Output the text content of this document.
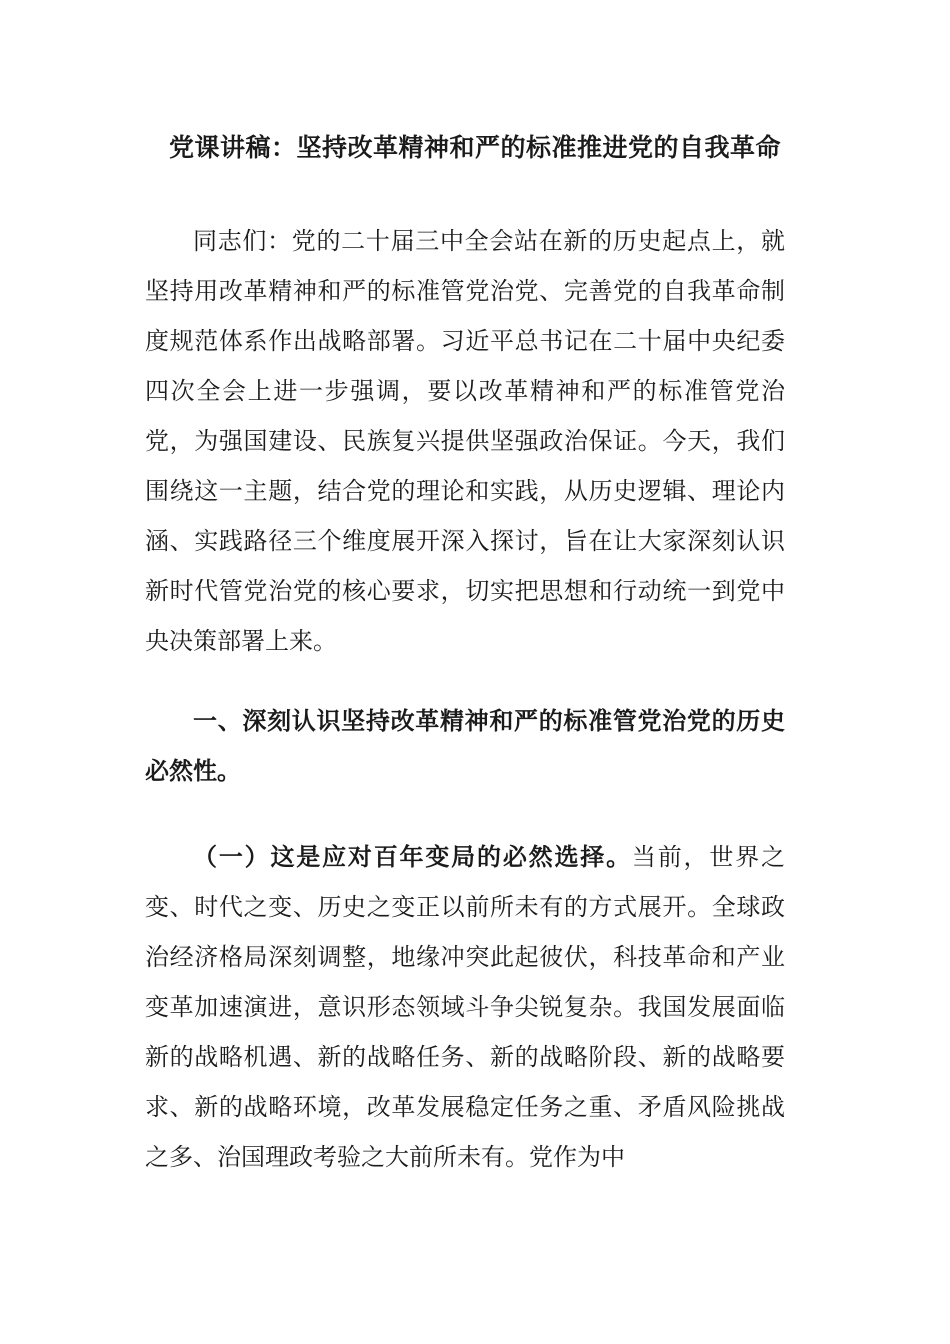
党课讲稿：坚持改革精神和严的标准推进党的自我革命
同志们：党的二十届三中全会站在新的历史起点上，就坚持用改革精神和严的标准管党治党、完善党的自我革命制度规范体系作出战略部署。习近平总书记在二十届中央纪委四次全会上进一步强调，要以改革精神和严的标准管党治党，为强国建设、民族复兴提供坚强政治保证。今天，我们围绕这一主题，结合党的理论和实践，从历史逻辑、理论内涵、实践路径三个维度展开深入探讨，旨在让大家深刻认识新时代管党治党的核心要求，切实把思想和行动统一到党中央决策部署上来。
一、深刻认识坚持改革精神和严的标准管党治党的历史必然性。
（一）这是应对百年变局的必然选择。当前，世界之变、时代之变、历史之变正以前所未有的方式展开。全球政治经济格局深刻调整，地缘冲突此起彼伏，科技革命和产业变革加速演进，意识形态领域斗争尖锐复杂。我国发展面临新的战略机遇、新的战略任务、新的战略阶段、新的战略要求、新的战略环境，改革发展稳定任务之重、矛盾风险挑战之多、治国理政考验之大前所未有。党作为中
